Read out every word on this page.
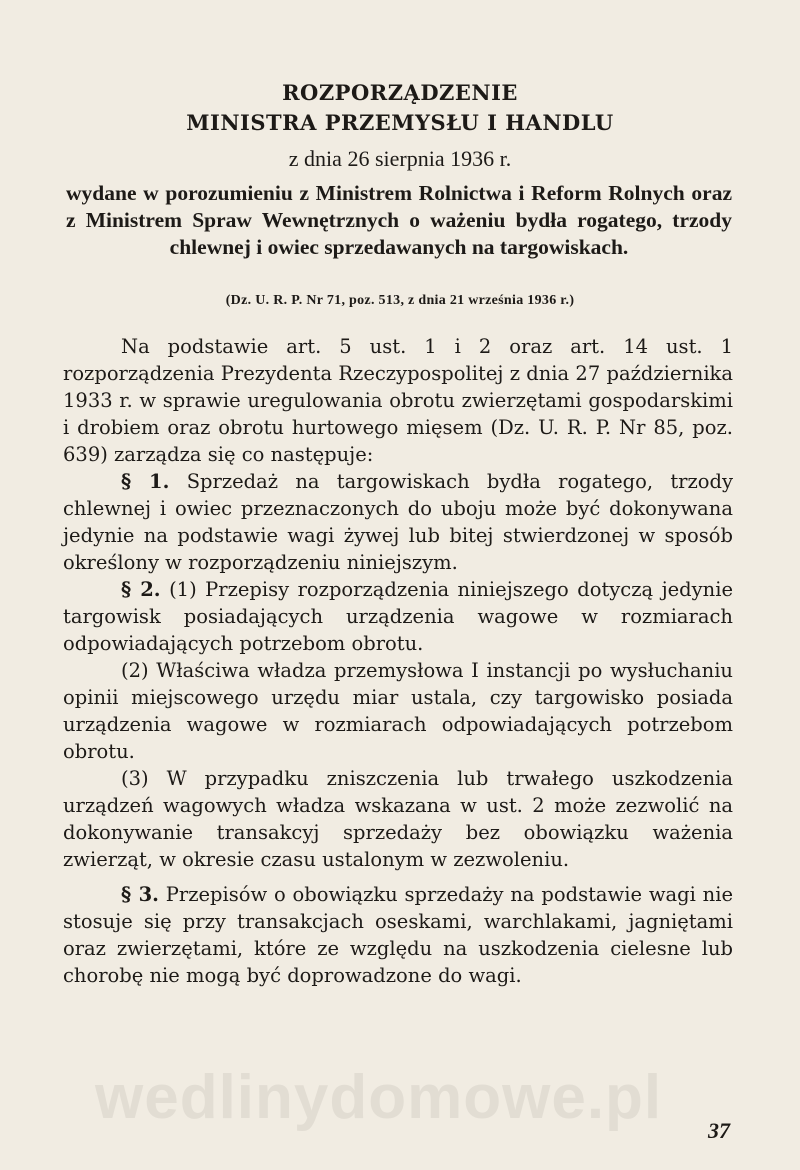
ROZPORZĄDZENIE
MINISTRA PRZEMYSŁU I HANDLU
z dnia 26 sierpnia 1936 r.
wydane w porozumieniu z Ministrem Rolnictwa i Reform Rolnych oraz z Ministrem Spraw Wewnętrznych o ważeniu bydła rogatego, trzody chlewnej i owiec sprzedawanych na targowiskach.
(Dz. U. R. P. Nr 71, poz. 513, z dnia 21 września 1936 r.)

Na podstawie art. 5 ust. 1 i 2 oraz art. 14 ust. 1 rozporządzenia Prezydenta Rzeczypospolitej z dnia 27 października 1933 r. w sprawie uregulowania obrotu zwierzętami gospodarskimi i drobiem oraz obrotu hurtowego mięsem (Dz. U. R. P. Nr 85, poz. 639) zarządza się co następuje:

§ 1. Sprzedaż na targowiskach bydła rogatego, trzody chlewnej i owiec przeznaczonych do uboju może być dokonywana jedynie na podstawie wagi żywej lub bitej stwierdzonej w sposób określony w rozporządzeniu niniejszym.

§ 2. (1) Przepisy rozporządzenia niniejszego dotyczą jedynie targowisk posiadających urządzenia wagowe w rozmiarach odpowiadających potrzebom obrotu.

(2) Właściwa władza przemysłowa I instancji po wysłuchaniu opinii miejscowego urzędu miar ustala, czy targowisko posiada urządzenia wagowe w rozmiarach odpowiadających potrzebom obrotu.

(3) W przypadku zniszczenia lub trwałego uszkodzenia urządzeń wagowych władza wskazana w ust. 2 może zezwolić na dokonywanie transakcyj sprzedaży bez obowiązku ważenia zwierząt, w okresie czasu ustalonym w zezwoleniu.

§ 3. Przepisów o obowiązku sprzedaży na podstawie wagi nie stosuje się przy transakcjach oseskami, warchlakami, jagniętami oraz zwierzętami, które ze względu na uszkodzenia cielesne lub chorobę nie mogą być doprowadzone do wagi.

wedlinydomowe.pl	37
